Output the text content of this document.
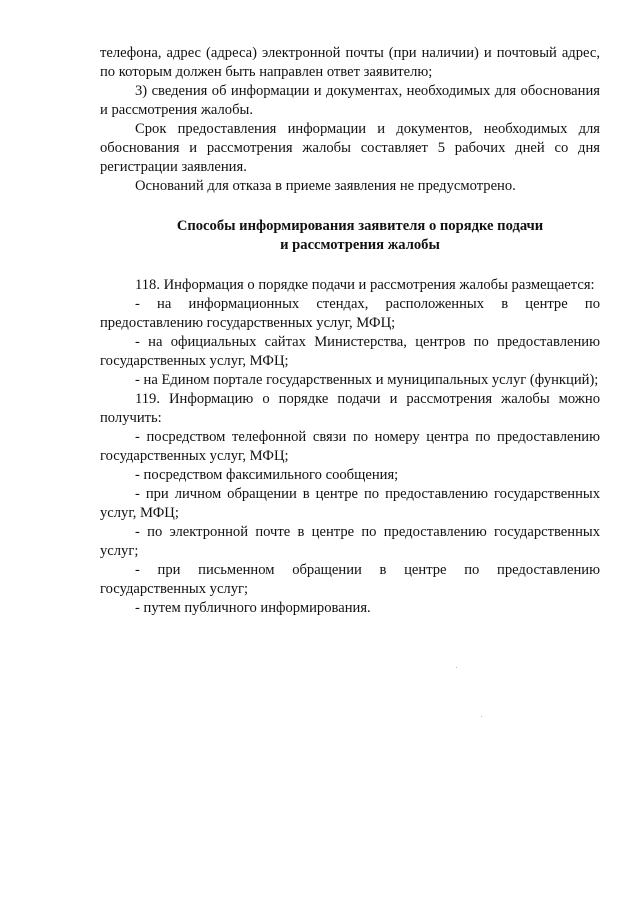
телефона, адрес (адреса) электронной почты (при наличии) и почтовый адрес, по которым должен быть направлен ответ заявителю;

3) сведения об информации и документах, необходимых для обоснования и рассмотрения жалобы.

Срок предоставления информации и документов, необходимых для обоснования и рассмотрения жалобы составляет 5 рабочих дней со дня регистрации заявления.

Оснований для отказа в приеме заявления не предусмотрено.

Способы информирования заявителя о порядке подачи
и рассмотрения жалобы

118. Информация о порядке подачи и рассмотрения жалобы размещается:

- на информационных стендах, расположенных в центре по предоставлению государственных услуг, МФЦ;

- на официальных сайтах Министерства, центров по предоставлению государственных услуг, МФЦ;

- на Едином портале государственных и муниципальных услуг (функций);

119. Информацию о порядке подачи и рассмотрения жалобы можно получить:

- посредством телефонной связи по номеру центра по предоставлению государственных услуг, МФЦ;

- посредством факсимильного сообщения;

- при личном обращении в центре по предоставлению государственных услуг, МФЦ;

- по электронной почте в центре по предоставлению государственных услуг;

- при письменном обращении в центре по предоставлению государственных услуг;

- путем публичного информирования.
